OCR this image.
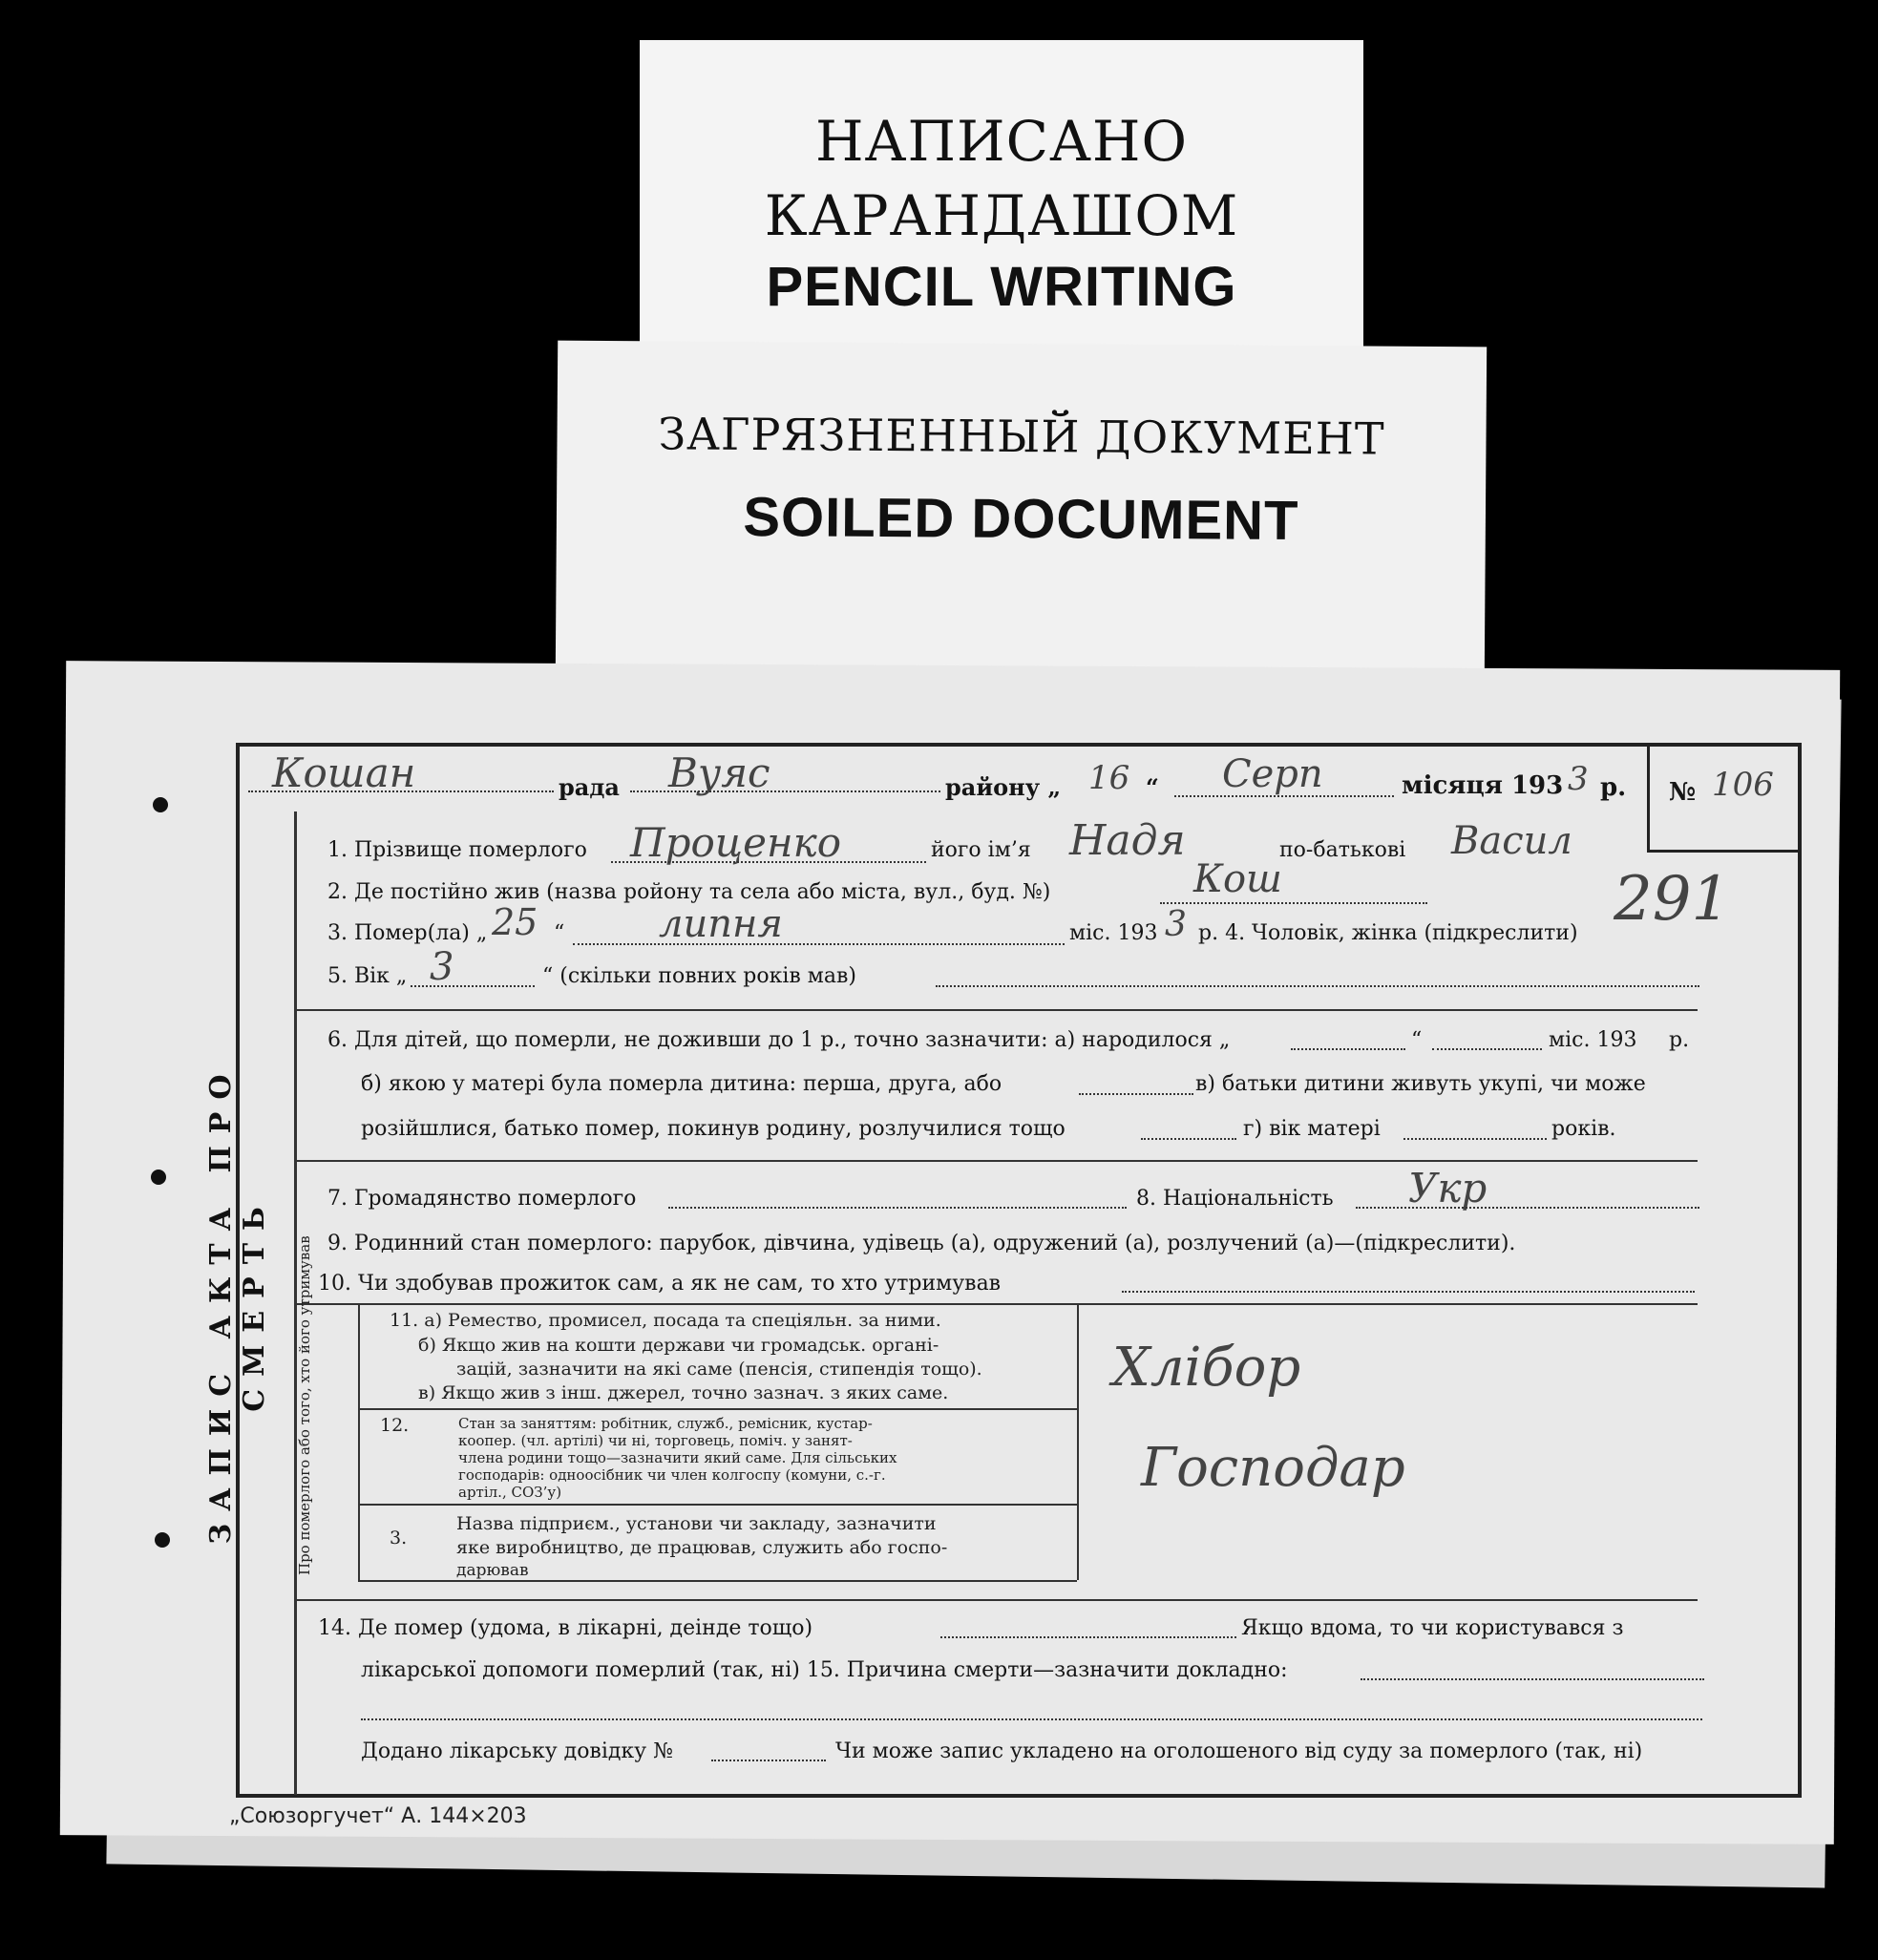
НАПИСАНО
КАРАНДАШОМ
PENCIL WRITING
ЗАГРЯЗНЕННЫЙ ДОКУМЕНТ
SOILED DOCUMENT
ЗАПИС АКТА ПРО СМЕРТЬ
Кошан	рада Вуяс	району „ 16 “ Серп	місяця 193 3 р. № 106
1. Прізвище померлого Проценко	його ім’я Надя	по-батькові Васил
2. Де постійно жив (назва ройону та села або міста, вул., буд. №)	Кош	291
3. Помер(ла) „ 25 “ липня	міс. 193 3 р. 4. Чоловік, жінка (підкреслити)
5. Вік „ 3	“ (скільки повних років мав)
6. Для дітей, що померли, не доживши до 1 р., точно зазначити: а) народилося „	“	міс. 193 р.
б) якою у матері була померла дитина: перша, друга, або	в) батьки дитини живуть укупі, чи може
розійшлися, батько помер, покинув родину, розлучилися тощо	г) вік матері	років.
7. Громадянство померлого	8. Національність Укр
9. Родинний стан померлого: парубок, дівчина, удівець (а), одружений (а), розлучений (а)—(підкреслити).
10. Чи здобував прожиток сам, а як не сам, то хто утримував
Про померлого або того, хто його утримував	11. а) Ремество, промисел, посада та спеціяльн. за ними.
б) Якщо жив на кошти держави чи громадськ. органі-
зацій, зазначити на які саме (пенсія, стипендія тощо).
в) Якщо жив з інш. джерел, точно зазнач. з яких саме.	Хлібор
12.	Стан за заняттям: робітник, служб., ремісник, кустар-
коопер. (чл. артілі) чи ні, торговець, поміч. у занят-
члена родини тощо—зазначити який саме. Для сільських
господарів: одноосібник чи член колгоспу (комуни, с.-г.
артіл., СОЗ’у)	Господар
3.
Назва підприєм., установи чи закладу, зазначити
яке виробництво, де працював, служить або госпо-
дарював
14. Де помер (удома, в лікарні, деінде тощо)	Якщо вдома, то чи користувався з
лікарської допомоги померлий (так, ні) 15. Причина смерти—зазначити докладно:
Додано лікарську довідку №	Чи може запис укладено на оголошеного від суду за померлого (так, ні)
„Союзоргучет“ А. 144×203
